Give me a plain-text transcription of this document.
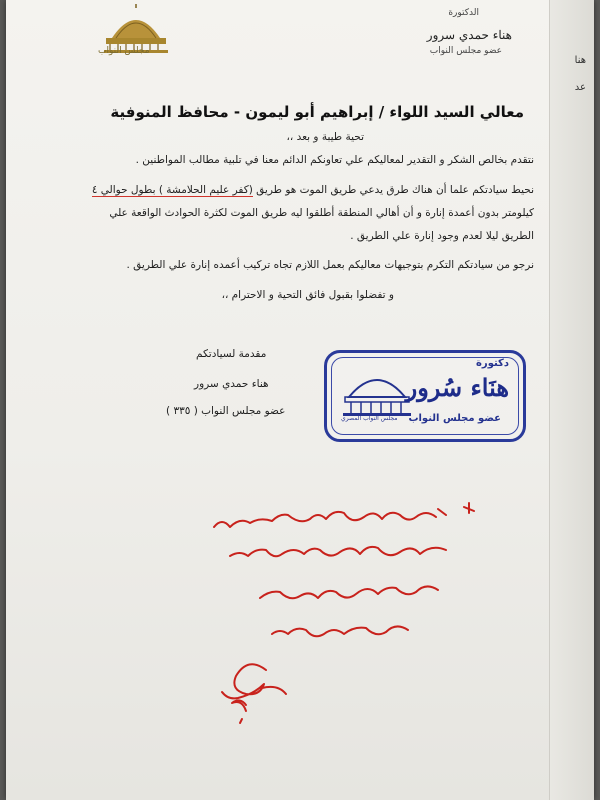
مجلس النواب
الدكتورة
هناء حمدي سرور
عضو مجلس النواب
هنا
عد
معالي السيد اللواء / إبراهيم أبو ليمون - محافظ المنوفية
تحية طيبة و بعد ،،
نتقدم بخالص الشكر و التقدير لمعاليكم علي تعاونكم الدائم معنا في تلبية مطالب المواطنين .
نحيط سيادتكم علما أن هناك طرق يدعي طريق الموت هو طريق (كفر عليم الحلامشة ) بطول حوالي ٤
كيلومتر بدون أعمدة إنارة و أن أهالي المنطقة أطلقوا ليه طريق الموت لكثرة الحوادث الواقعة علي
الطريق ليلا لعدم وجود إنارة علي الطريق .
نرجو من سيادتكم التكرم بتوجيهات معاليكم بعمل اللازم تجاه تركيب أعمده إنارة علي الطريق .
و تفضلوا بقبول فائق التحية و الاحترام ،،
مقدمة لسيادتكم
هناء حمدي سرور
عضو مجلس النواب ( ٣٣٥ )
مجلس النواب المصري
دكتورة
هنَاء سُرور
عضو مجلس النواب
